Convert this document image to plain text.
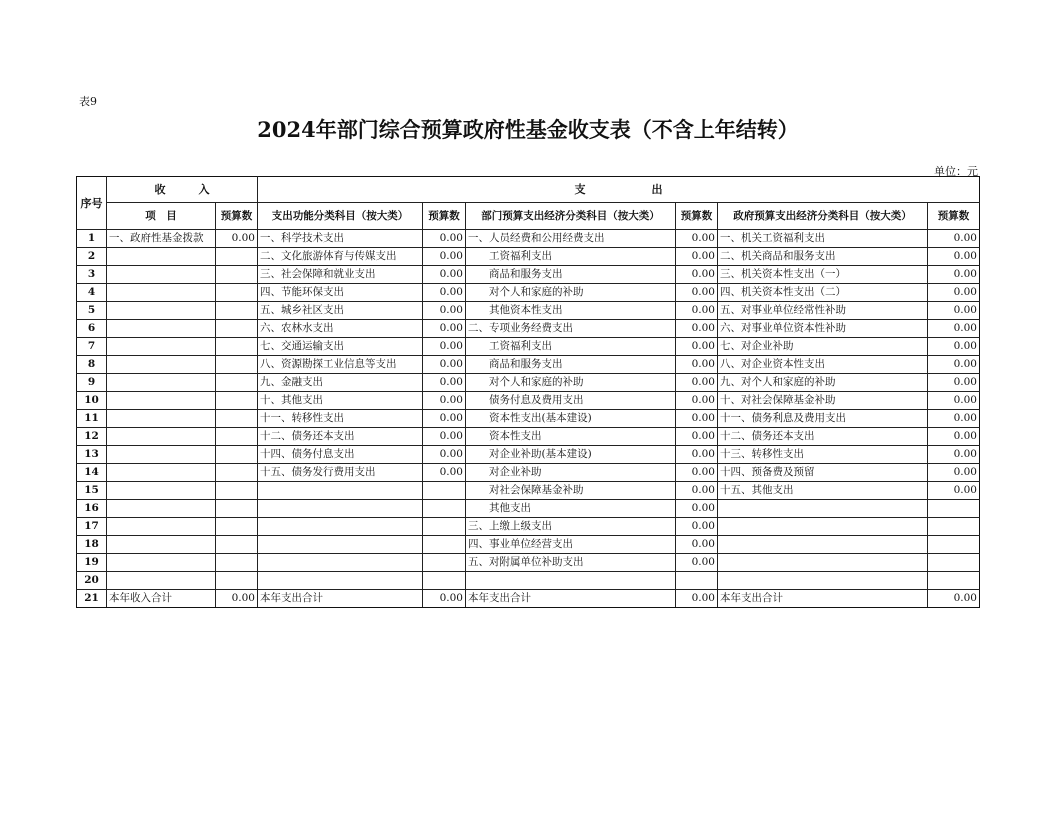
表9
2024年部门综合预算政府性基金收支表（不含上年结转）
单位：元
序号	收　　　入		支　　　　　　出					
	项　目	预算数	支出功能分类科目（按大类）	预算数	部门预算支出经济分类科目（按大类）	预算数	政府预算支出经济分类科目（按大类）	预算数
1	一、政府性基金拨款	0.00	一、科学技术支出	0.00	一、人员经费和公用经费支出	0.00	一、机关工资福利支出	0.00
2			二、文化旅游体育与传媒支出	0.00	　　工资福利支出	0.00	二、机关商品和服务支出	0.00
3			三、社会保障和就业支出	0.00	　　商品和服务支出	0.00	三、机关资本性支出（一）	0.00
4			四、节能环保支出	0.00	　　对个人和家庭的补助	0.00	四、机关资本性支出（二）	0.00
5			五、城乡社区支出	0.00	　　其他资本性支出	0.00	五、对事业单位经常性补助	0.00
6			六、农林水支出	0.00	二、专项业务经费支出	0.00	六、对事业单位资本性补助	0.00
7			七、交通运输支出	0.00	　　工资福利支出	0.00	七、对企业补助	0.00
8			八、资源勘探工业信息等支出	0.00	　　商品和服务支出	0.00	八、对企业资本性支出	0.00
9			九、金融支出	0.00	　　对个人和家庭的补助	0.00	九、对个人和家庭的补助	0.00
10			十、其他支出	0.00	　　债务付息及费用支出	0.00	十、对社会保障基金补助	0.00
11			十一、转移性支出	0.00	　　资本性支出(基本建设)	0.00	十一、债务利息及费用支出	0.00
12			十二、债务还本支出	0.00	　　资本性支出	0.00	十二、债务还本支出	0.00
13			十四、债务付息支出	0.00	　　对企业补助(基本建设)	0.00	十三、转移性支出	0.00
14			十五、债务发行费用支出	0.00	　　对企业补助	0.00	十四、预备费及预留	0.00
15					　　对社会保障基金补助	0.00	十五、其他支出	0.00
16					　　其他支出	0.00		
17					三、上缴上级支出	0.00		
18					四、事业单位经营支出	0.00		
19					五、对附属单位补助支出	0.00		
20								
21	本年收入合计	0.00	本年支出合计	0.00	本年支出合计	0.00	本年支出合计	0.00
